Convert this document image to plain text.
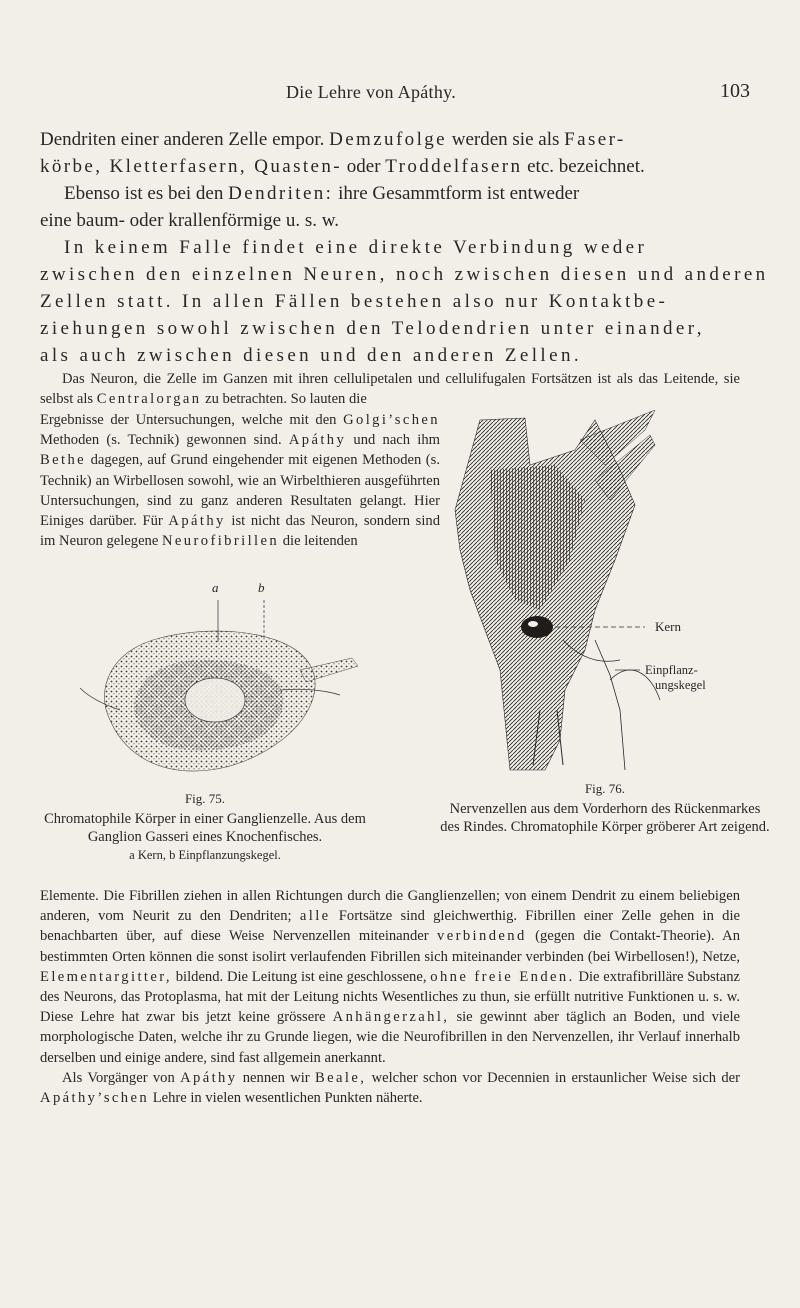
Die Lehre von Apáthy.	103
Dendriten einer anderen Zelle empor. Demzufolge werden sie als Faser-
körbe, Kletterfasern, Quasten- oder Troddelfasern etc. bezeichnet.
Ebenso ist es bei den Dendriten: ihre Gesammtform ist entweder
eine baum- oder krallenförmige u. s. w.
In keinem Falle findet eine direkte Verbindung weder
zwischen den einzelnen Neuren, noch zwischen diesen und anderen
Zellen statt. In allen Fällen bestehen also nur Kontaktbe-
ziehungen sowohl zwischen den Telodendrien unter einander,
als auch zwischen diesen und den anderen Zellen.

Das Neuron, die Zelle im Ganzen mit ihren cellulipetalen und cellulifugalen Fortsätzen ist als das Leitende, sie selbst als Centralorgan zu betrachten. So lauten die

Ergebnisse der Untersuchungen, welche mit den Golgi’schen Methoden (s. Technik) gewonnen sind. Apáthy und nach ihm Bethe dagegen, auf Grund eingehender mit eigenen Methoden (s. Technik) an Wirbellosen sowohl, wie an Wirbelthieren ausgeführten Untersuchungen, sind zu ganz anderen Resultaten gelangt. Hier Einiges darüber. Für Apáthy ist nicht das Neuron, sondern sind im Neuron gelegene Neurofibrillen die leitenden
a	b
Fig. 75.
Chromatophile Körper in einer Ganglienzelle. Aus dem Ganglion Gasseri eines Knochenfisches.
a Kern, b Einpflanzungskegel.
Kern
Einpflanz-
ungskegel
Fig. 76.
Nervenzellen aus dem Vorderhorn des Rückenmarkes des Rindes. Chromatophile Körper gröberer Art zeigend.

Elemente. Die Fibrillen ziehen in allen Richtungen durch die Ganglienzellen; von einem Dendrit zu einem beliebigen anderen, vom Neurit zu den Dendriten; alle Fortsätze sind gleichwerthig. Fibrillen einer Zelle gehen in die benachbarten über, auf diese Weise Nervenzellen miteinander verbindend (gegen die Contakt-Theorie). An bestimmten Orten können die sonst isolirt verlaufenden Fibrillen sich miteinander verbinden (bei Wirbellosen!), Netze, Elementargitter, bildend. Die Leitung ist eine geschlossene, ohne freie Enden. Die extrafibrilläre Substanz des Neurons, das Protoplasma, hat mit der Leitung nichts Wesentliches zu thun, sie erfüllt nutritive Funktionen u. s. w. Diese Lehre hat zwar bis jetzt keine grössere Anhängerzahl, sie gewinnt aber täglich an Boden, und viele morphologische Daten, welche ihr zu Grunde liegen, wie die Neurofibrillen in den Nervenzellen, ihr Verlauf innerhalb derselben und einige andere, sind fast allgemein anerkannt.

Als Vorgänger von Apáthy nennen wir Beale, welcher schon vor Decennien in erstaunlicher Weise sich der Apáthy’schen Lehre in vielen wesentlichen Punkten näherte.
